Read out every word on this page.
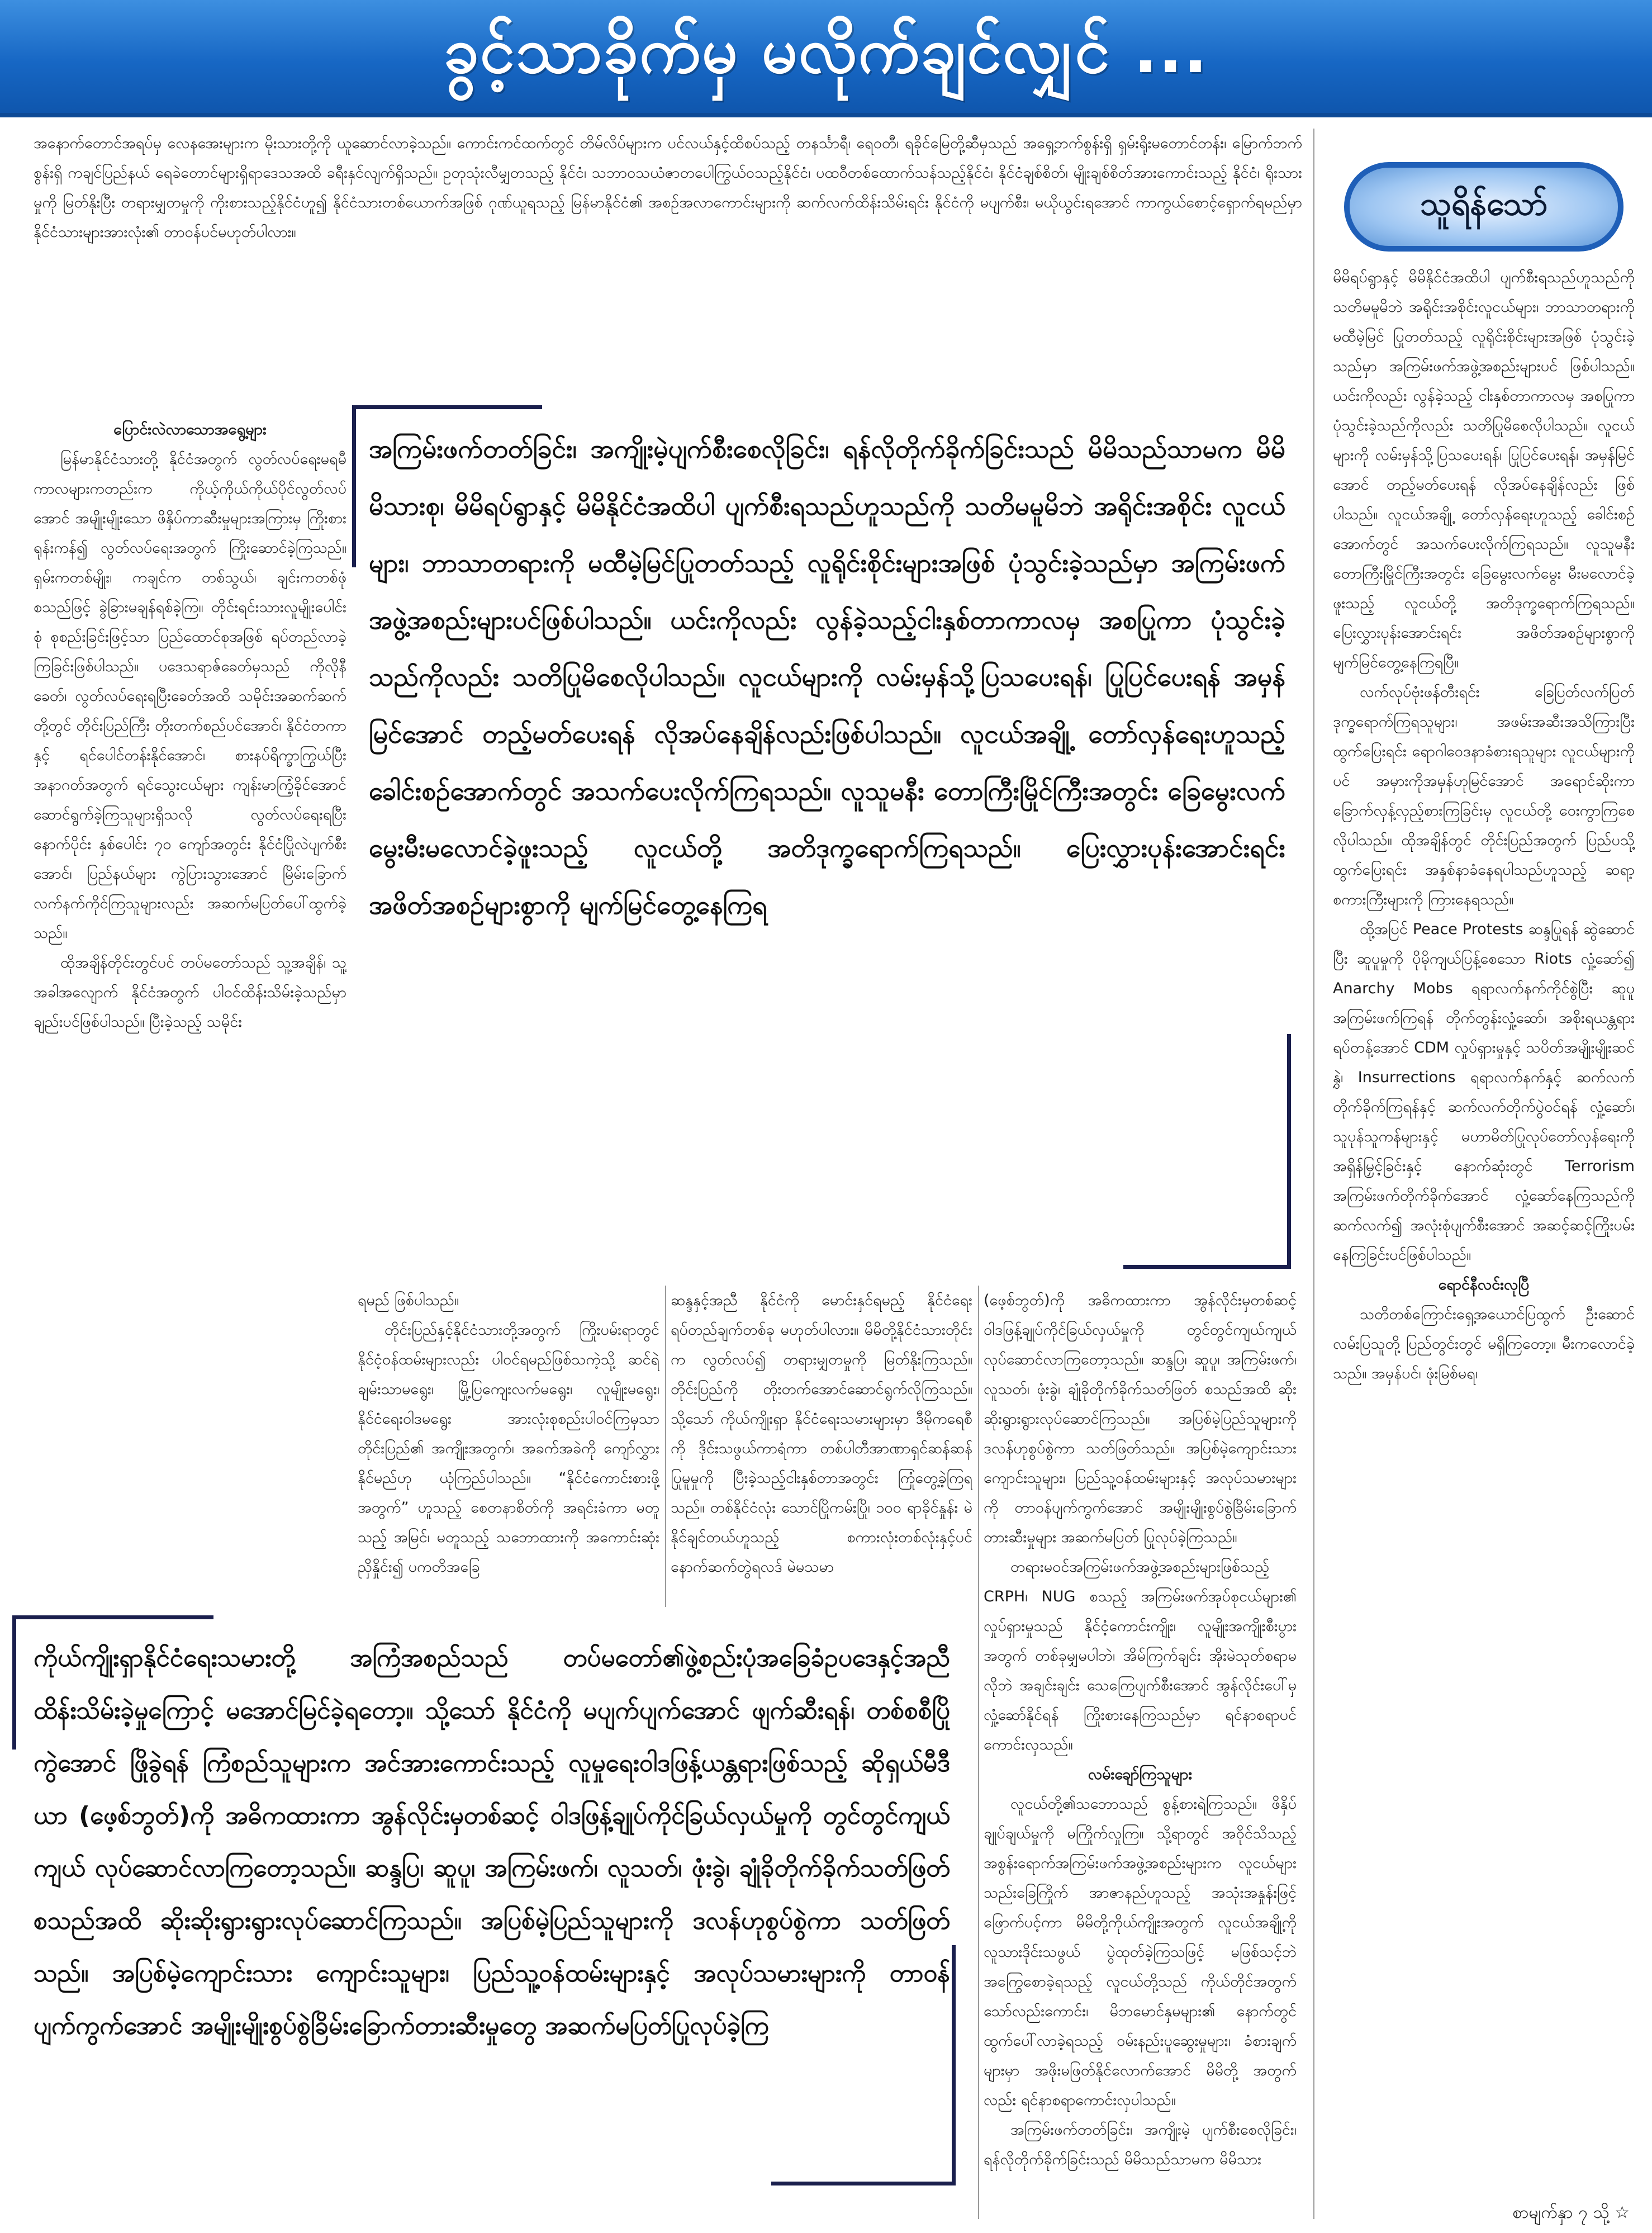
ခွင့်သာခိုက်မှ မလိုက်ချင်လျှင် ...
သူရိန်သော်

အနောက်တောင်အရပ်မှ လေနအေးများက မိုးသားတို့ကို ယူဆောင်လာခဲ့သည်။ ကောင်းကင်ထက်တွင် တိမ်လိပ်များက ပင်လယ်နှင့်ထိစပ်သည့် တနင်္သာရီ၊ ရေဝတီ၊ ရခိုင်မြေတို့ဆီမှသည် အရှေ့ဘက်စွန်းရှိ ရှမ်းရိုးမတောင်တန်း၊ မြောက်ဘက်စွန်းရှိ ကချင်ပြည်နယ် ရေခဲတောင်များရှိရာဒေသအထိ ခရီးနှင်လျက်ရှိသည်။ ဥတုသုံးလီမျှတသည့် နိုင်ငံ၊ သဘာဝသယံဇာတပေါကြွယ်ဝသည့်နိုင်ငံ၊ ပထဝီတစ်ထောက်သန်သည့်နိုင်ငံ၊ နိုင်ငံချစ်စိတ်၊ မျိုးချစ်စိတ်အားကောင်းသည့် နိုင်ငံ၊ ရိုးသားမှုကို မြတ်နိုးပြီး တရားမျှတမှုကို ကိုးစားသည့်နိုင်ငံဟူ၍ နိုင်ငံသားတစ်ယောက်အဖြစ် ဂုဏ်ယူရသည့် မြန်မာနိုင်ငံ၏ အစဉ်အလာကောင်းများကို ဆက်လက်ထိန်းသိမ်းရင်း နိုင်ငံကို မပျက်စီး၊ မယိုယွင်းရအောင် ကာကွယ်စောင့်ရှောက်ရမည်မှာ နိုင်ငံသားများအားလုံး၏ တာဝန်ပင်မဟုတ်ပါလား။

ပြောင်းလဲလာသောအရွေ့များ

မြန်မာနိုင်ငံသားတို့ နိုင်ငံအတွက် လွတ်လပ်ရေးမရမီကာလများကတည်းက ကိုယ့်ကိုယ်ကိုယ်ပိုင်လွတ်လပ်အောင် အမျိုးမျိုးသော ဖိနှိပ်ကာဆီးမှုများအကြားမှ ကြိုးစားရုန်းကန်၍ လွတ်လပ်ရေးအတွက် ကြိုးဆောင်ခဲ့ကြသည်။ ရှမ်းကတစ်မျိုး၊ ကချင်က တစ်သွယ်၊ ချင်းကတစ်ဖုံ စသည်ဖြင့် ခွဲခြားမချန်ရစ်ခဲ့ကြ။ တိုင်းရင်းသားလူမျိုးပေါင်းစုံ စုစည်းခြင်းဖြင့်သာ ပြည်ထောင်စုအဖြစ် ရပ်တည်လာခဲ့ကြခြင်းဖြစ်ပါသည်။ ပဒေသရာဇ်ခေတ်မှသည် ကိုလိုနီခေတ်၊ လွတ်လပ်ရေးရပြီးခေတ်အထိ သမိုင်းအဆက်ဆက်တို့တွင် တိုင်းပြည်ကြီး တိုးတက်စည်ပင်အောင်၊ နိုင်ငံတကာနှင့် ရင်ပေါင်တန်းနိုင်အောင်၊ စားနပ်ရိက္ခာကြွယ်ပြီး အနာဂတ်အတွက် ရင်သွေးငယ်များ ကျန်းမာကြံ့ခိုင်အောင် ဆောင်ရွက်ခဲ့ကြသူများရှိသလို လွတ်လပ်ရေးရပြီးနောက်ပိုင်း နှစ်ပေါင်း ၇၀ ကျော်အတွင်း နိုင်ငံပြိုလဲပျက်စီးအောင်၊ ပြည်နယ်များ ကွဲပြားသွားအောင် မြိမ်းခြောက်လက်နက်ကိုင်ကြသူများလည်း အဆက်မပြတ်ပေါ်ထွက်ခဲ့သည်။

ထိုအချိန်တိုင်းတွင်ပင် တပ်မတော်သည် သူ့အချိန်၊ သူ့အခါအလျောက် နိုင်ငံအတွက် ပါဝင်ထိန်းသိမ်းခဲ့သည်မှာ ချည်းပင်ဖြစ်ပါသည်။ ပြီးခဲ့သည့် သမိုင်း

အကြမ်းဖက်တတ်ခြင်း၊ အကျိုးမဲ့ပျက်စီးစေလိုခြင်း၊ ရန်လိုတိုက်ခိုက်ခြင်းသည် မိမိသည်သာမက မိမိမိသားစု၊ မိမိရပ်ရွာနှင့် မိမိနိုင်ငံအထိပါ ပျက်စီးရသည်ဟူသည်ကို သတိမမူမိဘဲ အရိုင်းအစိုင်း လူငယ်များ၊ ဘာသာတရားကို မထီမဲ့မြင်ပြုတတ်သည့် လူရိုင်းစိုင်းများအဖြစ် ပုံသွင်းခဲ့သည်မှာ အကြမ်းဖက်အဖွဲ့အစည်းများပင်ဖြစ်ပါသည်။ ယင်းကိုလည်း လွန်ခဲ့သည့်ငါးနှစ်တာကာလမှ အစပြုကာ ပုံသွင်းခဲ့သည်ကိုလည်း သတိပြုမိစေလိုပါသည်။ လူငယ်များကို လမ်းမှန်သို့ပြသပေးရန်၊ ပြုပြင်ပေးရန် အမှန်မြင်အောင် တည့်မတ်ပေးရန် လိုအပ်နေချိန်လည်းဖြစ်ပါသည်။ လူငယ်အချို့ တော်လှန်ရေးဟူသည့် ခေါင်းစဉ်အောက်တွင် အသက်ပေးလိုက်ကြရသည်။ လူသူမနီး တောကြီးမြိုင်ကြီးအတွင်း ခြေမွေးလက်မွေးမီးမလောင်ခဲ့ဖူးသည့် လူငယ်တို့ အတိဒုက္ခရောက်ကြရသည်။ ပြေးလွှားပုန်းအောင်းရင်း အဖိတ်အစဉ်များစွာကို မျက်မြင်တွေ့နေကြရ

ရမည် ဖြစ်ပါသည်။

တိုင်းပြည်နှင့်နိုင်ငံသားတို့အတွက် ကြိုးပမ်းရာတွင် နိုင်ငံ့ဝန်ထမ်းများလည်း ပါဝင်ရမည်ဖြစ်သကဲ့သို့ ဆင်ရဲချမ်းသာမရွေး၊ မြို့ပြကျေးလက်မရွေး၊ လူမျိုးမရွေး၊ နိုင်ငံရေးဝါဒမရွေး အားလုံးစုစည်းပါဝင်ကြမှသာ တိုင်းပြည်၏ အကျိုးအတွက်၊ အခက်အခဲကို ကျော်လွှားနိုင်မည်ဟု ယုံကြည်ပါသည်။ “နိုင်ငံကောင်းစားဖို့အတွက်” ဟူသည့် စေတနာစိတ်ကို အရင်းခံကာ မတူသည့် အမြင်၊ မတူသည့် သဘောထားကို အကောင်းဆုံးညှိနှိုင်း၍ ပကတိအခြေ

ဆန္ဒနှင့်အညီ နိုင်ငံကို မောင်းနှင်ရမည့် နိုင်ငံရေး ရပ်တည်ချက်တစ်ခု မဟုတ်ပါလား။ မိမိတို့နိုင်ငံသားတိုင်းက လွတ်လပ်၍ တရားမျှတမှုကို မြတ်နိုးကြသည်။ တိုင်းပြည်ကို တိုးတက်အောင်ဆောင်ရွက်လိုကြသည်။ သို့သော် ကိုယ်ကျိုးရှာ နိုင်ငံရေးသမားများမှာ ဒီမိုကရေစီကို ဒိုင်းသဖွယ်ကာရံကာ တစ်ပါတီအာဏာရှင်ဆန်ဆန်ပြုမူမှုကို ပြီးခဲ့သည့်ငါးနှစ်တာအတွင်း ကြုံတွေ့ခဲ့ကြရသည်။ တစ်နိုင်ငံလုံး သောင်ပြိုကမ်းပြို၊ ၁၀၀ ရာခိုင်နှုန်း မဲနိုင်ချင်တယ်ဟူသည့် စကားလုံးတစ်လုံးနှင့်ပင် နောက်ဆက်တွဲရလဒ် မဲမသမာ

(ဖေ့စ်ဘွတ်)ကို အဓိကထားကာ အွန်လိုင်းမှတစ်ဆင့် ဝါဒဖြန့်ချုပ်ကိုင်ခြယ်လှယ်မှုကို တွင်တွင်ကျယ်ကျယ် လုပ်ဆောင်လာကြတော့သည်။ ဆန္ဒပြ၊ ဆူပူ၊ အကြမ်းဖက်၊ လူသတ်၊ ဖုံးခွဲ၊ ချုံခိုတိုက်ခိုက်သတ်ဖြတ် စသည်အထိ ဆိုးဆိုးရွားရွားလုပ်ဆောင်ကြသည်။ အပြစ်မဲ့ပြည်သူများကို ဒလန်ဟုစွပ်စွဲကာ သတ်ဖြတ်သည်။ အပြစ်မဲ့ကျောင်းသား ကျောင်းသူများ၊ ပြည်သူ့ဝန်ထမ်းများနှင့် အလုပ်သမားများကို တာဝန်ပျက်ကွက်အောင် အမျိုးမျိုးစွပ်စွဲခြိမ်းခြောက်တားဆီးမှုများ အဆက်မပြတ် ပြုလုပ်ခဲ့ကြသည်။

တရားမဝင်အကြမ်းဖက်အဖွဲ့အစည်းများဖြစ်သည့် CRPH၊ NUG စသည့် အကြမ်းဖက်အုပ်စုငယ်များ၏ လှုပ်ရှားမှုသည် နိုင်ငံ့ကောင်းကျိုး၊ လူမျိုးအကျိုးစီးပွားအတွက် တစ်ခုမျှမပါဘဲ၊ အိမ်ကြက်ချင်း အိုးမဲသုတ်စရာမလိုဘဲ အချင်းချင်း သေကြေပျက်စီးအောင် အွန်လိုင်းပေါ်မှ လှုံ့ဆော်နိုင်ရန် ကြိုးစားနေကြသည်မှာ ရင်နာစရာပင်ကောင်းလှသည်။

လမ်းချော်ကြသူများ

လူငယ်တို့၏သဘောသည် စွန့်စားရဲကြသည်။ ဖိနှိပ်ချုပ်ချယ်မှုကို မကြိုက်လှုကြ။ သို့ရာတွင် အဝိုင်သိသည့် အစွန်းရောက်အကြမ်းဖက်အဖွဲ့အစည်းများက လူငယ်များ သည်းခြေကြိုက် အာဇာနည်ဟူသည့် အသုံးအနှုန်းဖြင့် ဖြောက်ပင့်ကာ မိမိတို့ကိုယ်ကျိုးအတွက် လူငယ်အချို့ကို လူသားဒိုင်းသဖွယ် ပွဲထုတ်ခဲ့ကြသဖြင့် မဖြစ်သင့်ဘဲ အကြွေစောခဲ့ရသည့် လူငယ်တို့သည် ကိုယ်တိုင်အတွက်သော်လည်းကောင်း၊ မိဘမောင်နှမများ၏ နောက်တွင် ထွက်ပေါ်လာခဲ့ရသည့် ဝမ်းနည်းပူဆွေးမှုများ၊ ခံစားချက်များမှာ အဖိုးမဖြတ်နိုင်လောက်အောင် မိမိတို့ အတွက်လည်း ရင်နာစရာကောင်းလှပါသည်။

အကြမ်းဖက်တတ်ခြင်း၊ အကျိုးမဲ့ ပျက်စီးစေလိုခြင်း၊ ရန်လိုတိုက်ခိုက်ခြင်းသည် မိမိသည်သာမက မိမိသား

မိမိရပ်ရွာနှင့် မိမိနိုင်ငံအထိပါ ပျက်စီးရသည်ဟူသည်ကို သတိမမူမိဘဲ အရိုင်းအစိုင်းလူငယ်များ၊ ဘာသာတရားကို မထီမဲ့မြင် ပြုတတ်သည့် လူရိုင်းစိုင်းများအဖြစ် ပုံသွင်းခဲ့သည်မှာ အကြမ်းဖက်အဖွဲ့အစည်းများပင် ဖြစ်ပါသည်။ ယင်းကိုလည်း လွန်ခဲ့သည့် ငါးနှစ်တာကာလမှ အစပြုကာ ပုံသွင်းခဲ့သည်ကိုလည်း သတိပြုမိစေလိုပါသည်။ လူငယ်များကို လမ်းမှန်သို့ပြသပေးရန်၊ ပြုပြင်ပေးရန်၊ အမှန်မြင်အောင် တည့်မတ်ပေးရန် လိုအပ်နေချိန်လည်း ဖြစ်ပါသည်။ လူငယ်အချို့ တော်လှန်ရေးဟူသည့် ခေါင်းစဉ်အောက်တွင် အသက်ပေးလိုက်ကြရသည်။ လူသူမနီး တောကြီးမြိုင်ကြီးအတွင်း ခြေမွေးလက်မွေး မီးမလောင်ခဲ့ဖူးသည့် လူငယ်တို့ အတိဒုက္ခရောက်ကြရသည်။ ပြေးလွှားပုန်းအောင်းရင်း အဖိတ်အစဉ်များစွာကို မျက်မြင်တွေ့နေကြရပြီ။

လက်လုပ်ဗုံးဖန်တီးရင်း ခြေပြတ်လက်ပြတ် ဒုက္ခရောက်ကြရသူများ၊ အဖမ်းအဆီးအသိကြားပြီး ထွက်ပြေးရင်း ရောဂါဝေဒနာခံစားရသူများ လူငယ်များကိုပင် အမှားကိုအမှန်ဟုမြင်အောင် အရောင်ဆိုးကာ ခြောက်လှန့်လှည့်စားကြခြင်းမှ လူငယ်တို့ ဝေးကွာကြစေလိုပါသည်။ ထိုအချိန်တွင် တိုင်းပြည်အတွက် ပြည်ပသို့ထွက်ပြေးရင်း အနှစ်နာခံနေရပါသည်ဟူသည့် ဆရာ့စကားကြီးများကို ကြားနေရသည်။

ထို့အပြင် Peace Protests ဆန္ဒပြုရန် ဆွဲဆောင်ပြီး ဆူပူမှုကို ပိုမိုကျယ်ပြန့်စေသော Riots လှုံ့ဆော်၍ Anarchy Mobs ရရာလက်နက်ကိုင်စွဲပြီး ဆူပူအကြမ်းဖက်ကြရန် တိုက်တွန်းလှုံ့ဆော်၊ အစိုးရယန္တရားရပ်တန့်အောင် CDM လှုပ်ရှားမှုနှင့် သပိတ်အမျိုးမျိုးဆင်နွှဲ၊ Insurrections ရရာလက်နက်နှင့် ဆက်လက်တိုက်ခိုက်ကြရန်နှင့် ဆက်လက်တိုက်ပွဲဝင်ရန် လှုံ့ဆော်၊ သူပုန်သူကန်များနှင့် မဟာမိတ်ပြုလုပ်တော်လှန်ရေးကို အရှိန်မြှင့်ခြင်းနှင့် နောက်ဆုံးတွင် Terrorism အကြမ်းဖက်တိုက်ခိုက်အောင် လှုံ့ဆော်နေကြသည်ကို ဆက်လက်၍ အလုံးစုံပျက်စီးအောင် အဆင့်ဆင့်ကြိုးပမ်းနေကြခြင်းပင်ဖြစ်ပါသည်။

ရောင်နီလင်းလုပြီ

သတိတစ်ကြောင်းရှေ့အယောင်ပြထွက် ဦးဆောင်လမ်းပြသူတို့ ပြည်တွင်းတွင် မရှိကြတော့။ မီးကလောင်ခဲ့သည်။ အမှန်ပင်၊ ဖုံးမြစ်မရ၊

ကိုယ်ကျိုးရှာနိုင်ငံရေးသမားတို့ အကြံအစည်သည် တပ်မတော်၏ဖွဲ့စည်းပုံအခြေခံဥပဒေနှင့်အညီ ထိန်းသိမ်းခဲ့မှုကြောင့် မအောင်မြင်ခဲ့ရတော့။ သို့သော် နိုင်ငံကို မပျက်ပျက်အောင် ဖျက်ဆီးရန်၊ တစ်စစီပြိုကွဲအောင် ဖြိုခွဲရန် ကြံစည်သူများက အင်အားကောင်းသည့် လူမှုရေးဝါဒဖြန့်ယန္တရားဖြစ်သည့် ဆိုရှယ်မီဒီယာ (ဖေ့စ်ဘွတ်)ကို အဓိကထားကာ အွန်လိုင်းမှတစ်ဆင့် ဝါဒဖြန့်ချုပ်ကိုင်ခြယ်လှယ်မှုကို တွင်တွင်ကျယ်ကျယ် လုပ်ဆောင်လာကြတော့သည်။ ဆန္ဒပြ၊ ဆူပူ၊ အကြမ်းဖက်၊ လူသတ်၊ ဖုံးခွဲ၊ ချုံခိုတိုက်ခိုက်သတ်ဖြတ် စသည်အထိ ဆိုးဆိုးရွားရွားလုပ်ဆောင်ကြသည်။ အပြစ်မဲ့ပြည်သူများကို ဒလန်ဟုစွပ်စွဲကာ သတ်ဖြတ်သည်။ အပြစ်မဲ့ကျောင်းသား ကျောင်းသူများ၊ ပြည်သူ့ဝန်ထမ်းများနှင့် အလုပ်သမားများကို တာဝန်ပျက်ကွက်အောင် အမျိုးမျိုးစွပ်စွဲခြိမ်းခြောက်တားဆီးမှုတွေ အဆက်မပြတ်ပြုလုပ်ခဲ့ကြ

စာမျက်နှာ ၇ သို့ ☆
